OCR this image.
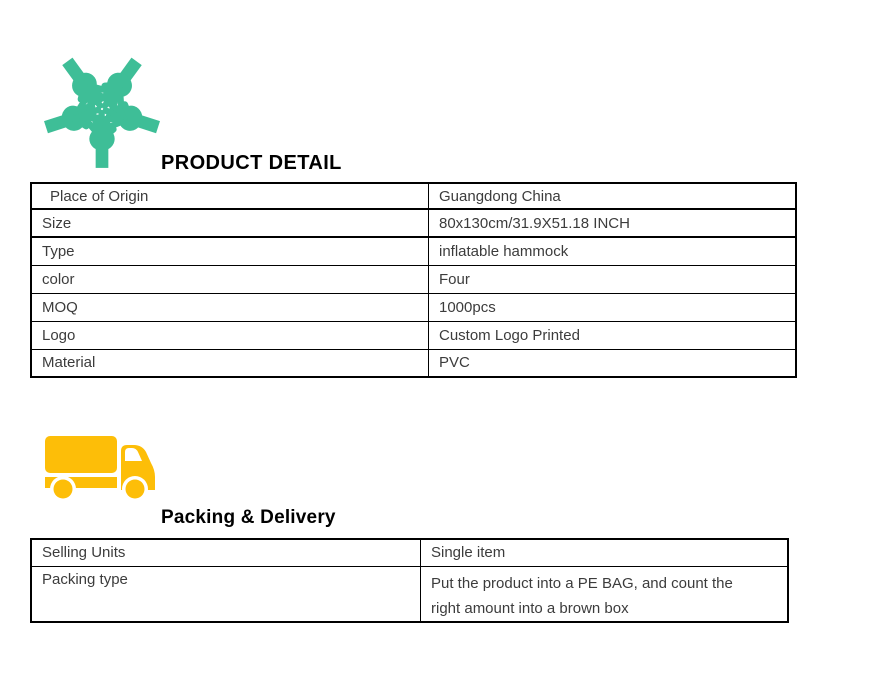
PRODUCT DETAIL
Place of Origin	Guangdong China
Size	80x130cm/31.9X51.18 INCH
Type	inflatable hammock
color	Four
MOQ	1000pcs
Logo	Custom Logo Printed
Material	PVC
Packing & Delivery
Selling Units	Single item
Packing type	Put the product into a PE BAG, and count the right amount into a brown box
